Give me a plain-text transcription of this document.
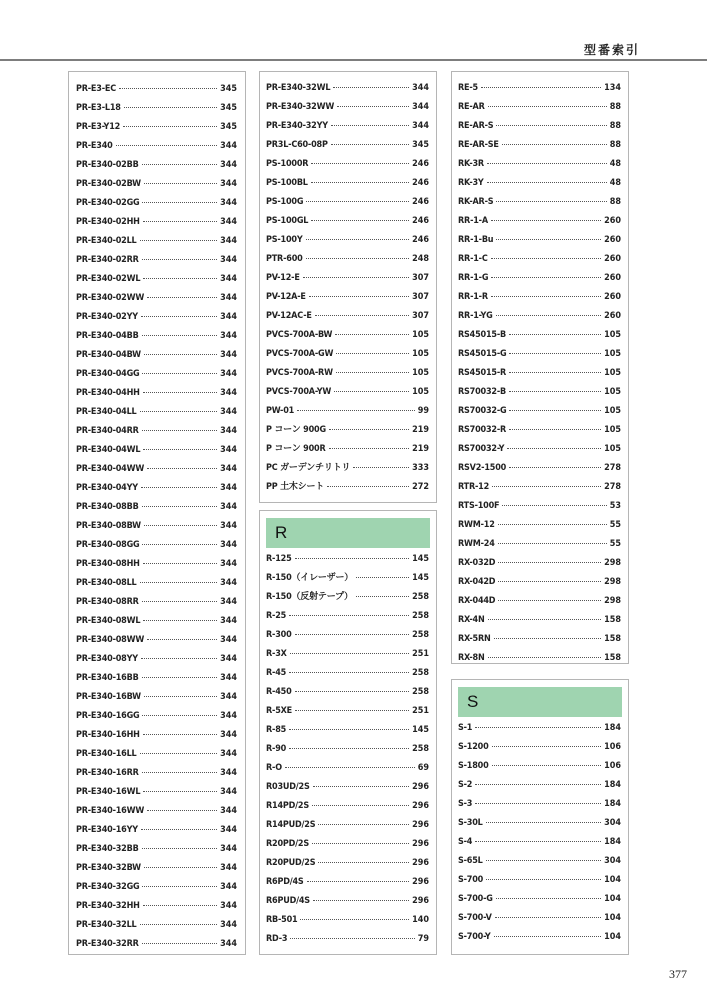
型番索引
PR-E3-EC	345
PR-E3-L18	345
PR-E3-Y12	345
PR-E340	344
PR-E340-02BB	344
PR-E340-02BW	344
PR-E340-02GG	344
PR-E340-02HH	344
PR-E340-02LL	344
PR-E340-02RR	344
PR-E340-02WL	344
PR-E340-02WW	344
PR-E340-02YY	344
PR-E340-04BB	344
PR-E340-04BW	344
PR-E340-04GG	344
PR-E340-04HH	344
PR-E340-04LL	344
PR-E340-04RR	344
PR-E340-04WL	344
PR-E340-04WW	344
PR-E340-04YY	344
PR-E340-08BB	344
PR-E340-08BW	344
PR-E340-08GG	344
PR-E340-08HH	344
PR-E340-08LL	344
PR-E340-08RR	344
PR-E340-08WL	344
PR-E340-08WW	344
PR-E340-08YY	344
PR-E340-16BB	344
PR-E340-16BW	344
PR-E340-16GG	344
PR-E340-16HH	344
PR-E340-16LL	344
PR-E340-16RR	344
PR-E340-16WL	344
PR-E340-16WW	344
PR-E340-16YY	344
PR-E340-32BB	344
PR-E340-32BW	344
PR-E340-32GG	344
PR-E340-32HH	344
PR-E340-32LL	344
PR-E340-32RR	344
PR-E340-32WL	344
PR-E340-32WW	344
PR-E340-32YY	344
PR3L-C60-08P	345
PS-1000R	246
PS-100BL	246
PS-100G	246
PS-100GL	246
PS-100Y	246
PTR-600	248
PV-12-E	307
PV-12A-E	307
PV-12AC-E	307
PVCS-700A-BW	105
PVCS-700A-GW	105
PVCS-700A-RW	105
PVCS-700A-YW	105
PW-01	99
P コーン 900G	219
P コーン 900R	219
PC ガーデンチリトリ	333
PP 土木シート	272
R
R-125	145
R-150（イレーザー）	145
R-150（反射テープ）	258
R-25	258
R-300	258
R-3X	251
R-45	258
R-450	258
R-5XE	251
R-85	145
R-90	258
R-O	69
R03UD/2S	296
R14PD/2S	296
R14PUD/2S	296
R20PD/2S	296
R20PUD/2S	296
R6PD/4S	296
R6PUD/4S	296
RB-501	140
RD-3	79
RE-5	134
RE-AR	88
RE-AR-S	88
RE-AR-SE	88
RK-3R	48
RK-3Y	48
RK-AR-S	88
RR-1-A	260
RR-1-Bu	260
RR-1-C	260
RR-1-G	260
RR-1-R	260
RR-1-YG	260
RS45015-B	105
RS45015-G	105
RS45015-R	105
RS70032-B	105
RS70032-G	105
RS70032-R	105
RS70032-Y	105
RSV2-1500	278
RTR-12	278
RTS-100F	53
RWM-12	55
RWM-24	55
RX-032D	298
RX-042D	298
RX-044D	298
RX-4N	158
RX-5RN	158
RX-8N	158
S
S-1	184
S-1200	106
S-1800	106
S-2	184
S-3	184
S-30L	304
S-4	184
S-65L	304
S-700	104
S-700-G	104
S-700-V	104
S-700-Y	104
377
